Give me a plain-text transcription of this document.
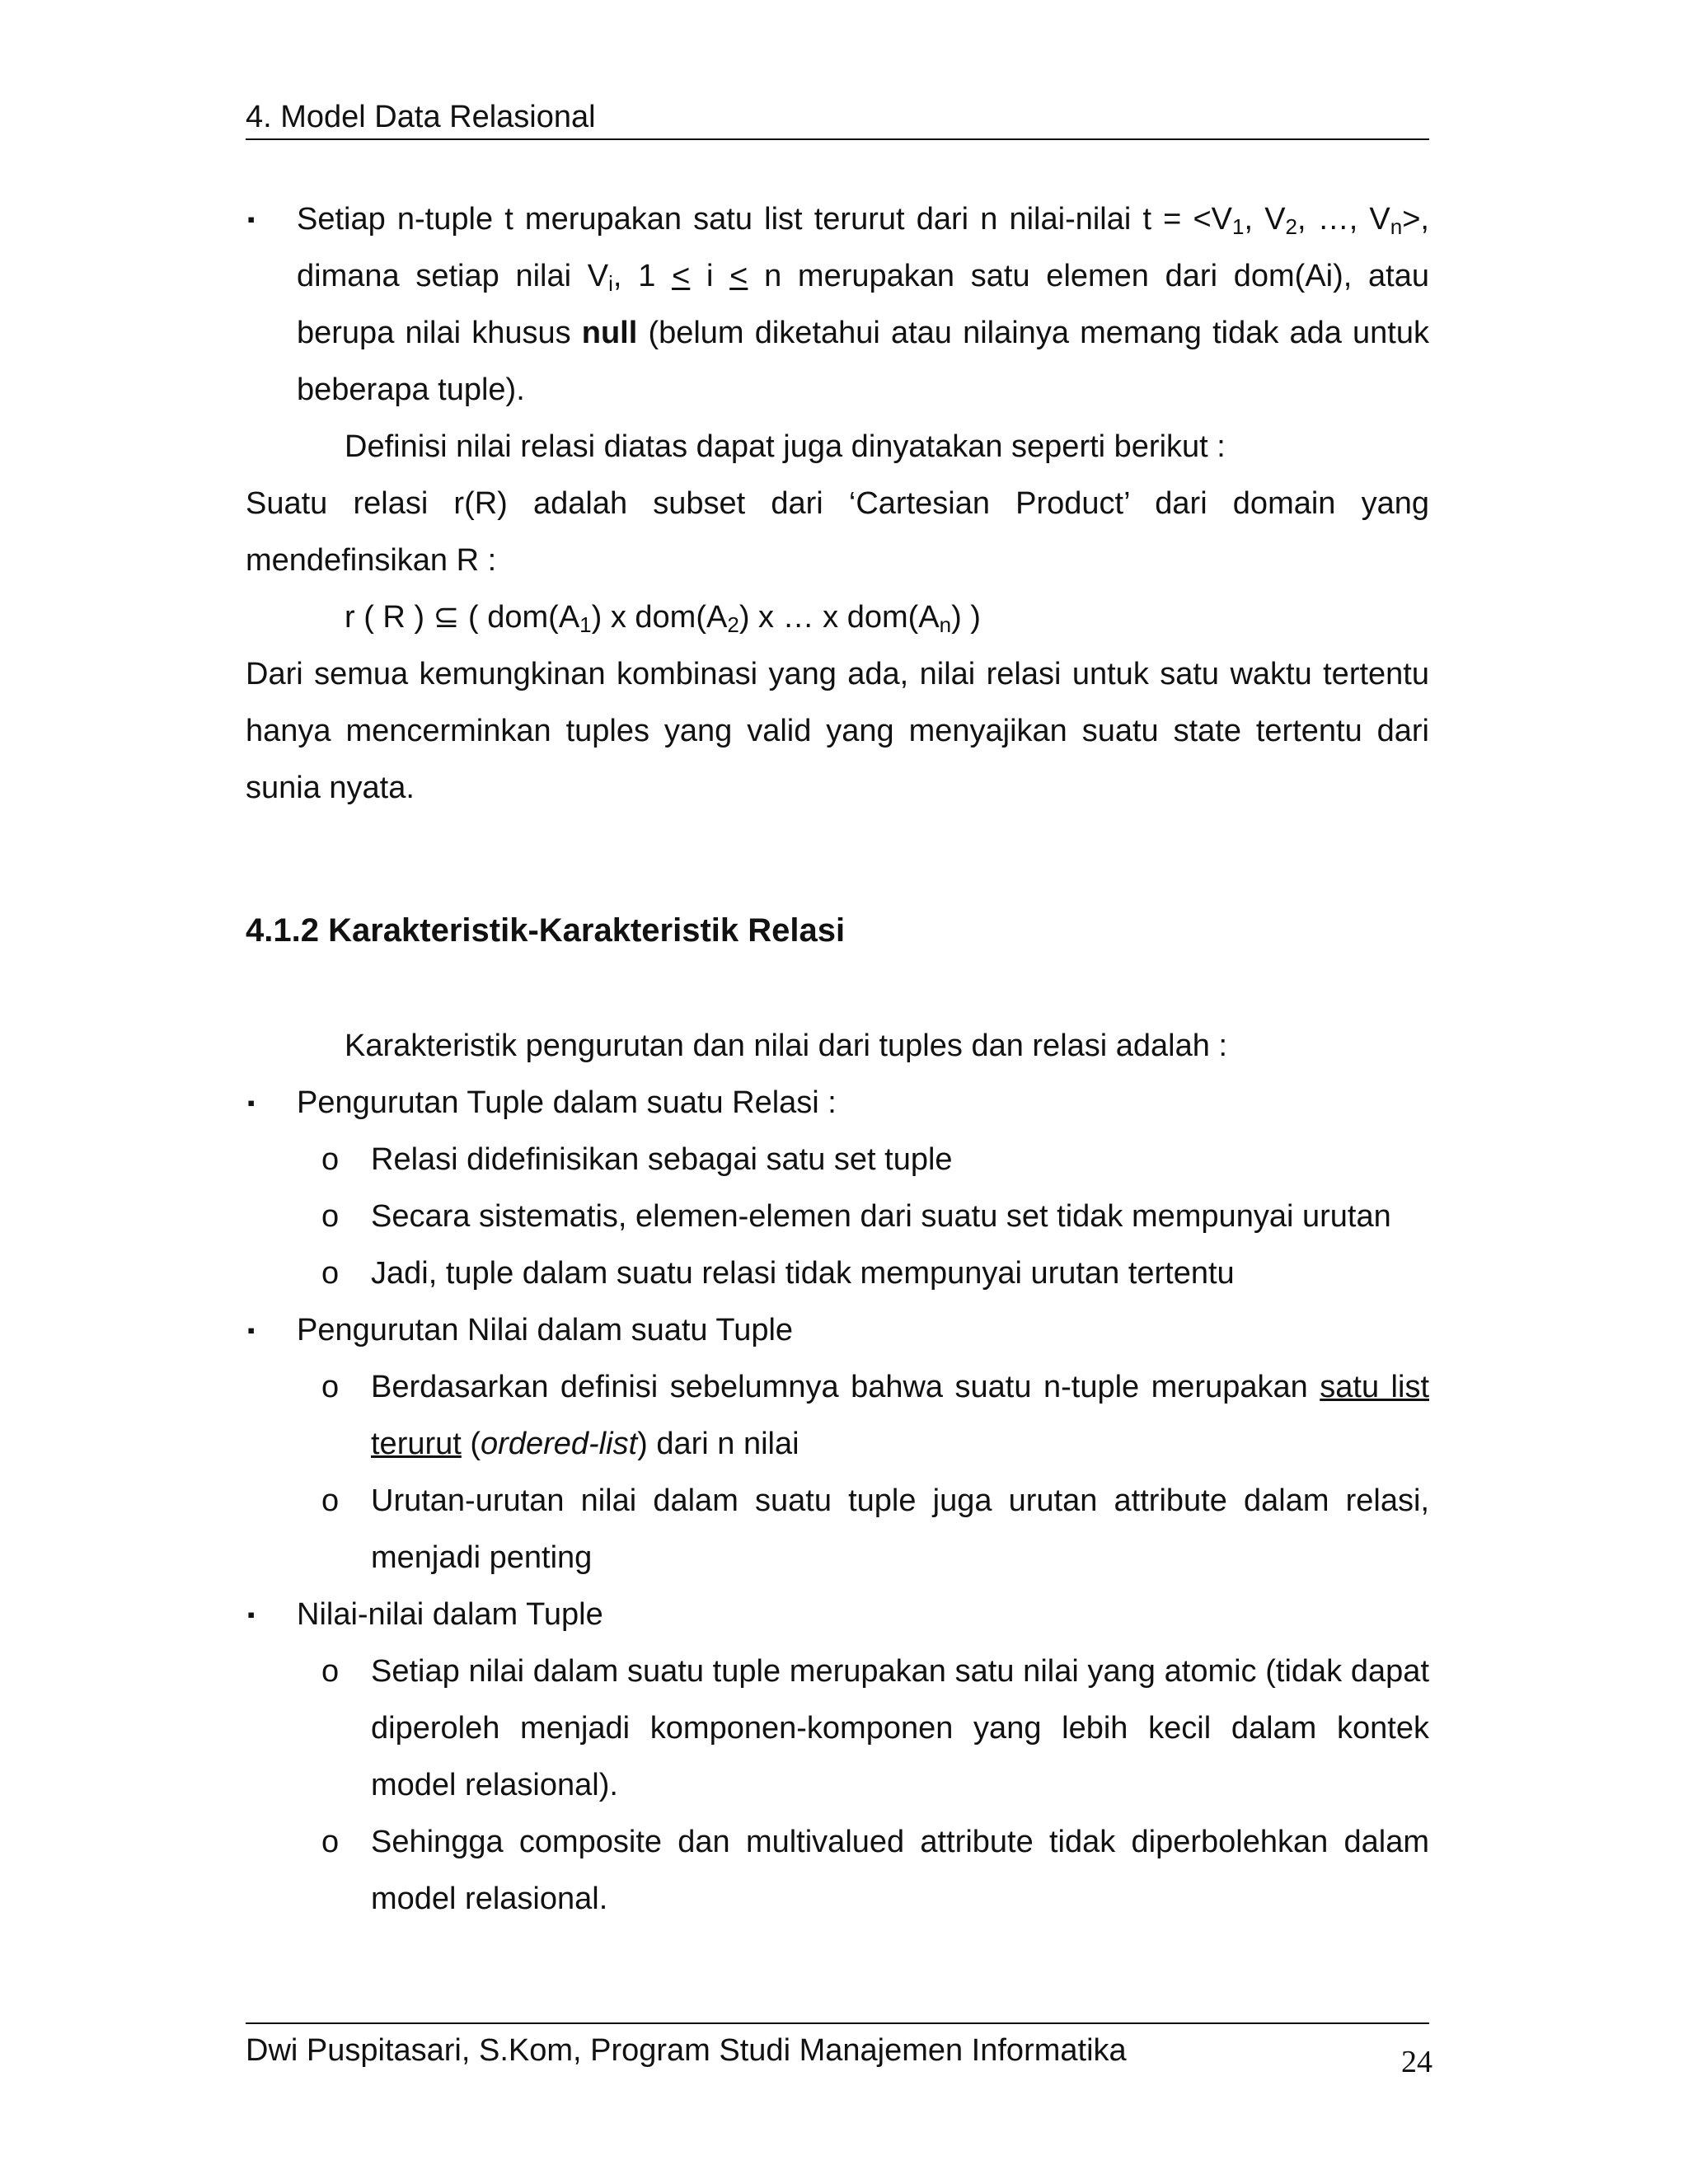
4. Model Data Relasional

▪ Setiap n-tuple t merupakan satu list terurut dari n nilai-nilai $t = <V_1$, $V_2$, …, $V_n>$, dimana setiap nilai $V_i$, 1 ≤ i ≤ n merupakan satu elemen dari dom(Ai), atau berupa nilai khusus null (belum diketahui atau nilainya memang tidak ada untuk beberapa tuple).

Definisi nilai relasi diatas dapat juga dinyatakan seperti berikut :

Suatu relasi r(R) adalah subset dari ‘Cartesian Product’ dari domain yang mendefinsikan R :

r ( R ) ⊆ ( $dom(A_1)$ x $dom(A_2)$ x … x $dom(A_n)$ )

Dari semua kemungkinan kombinasi yang ada, nilai relasi untuk satu waktu tertentu hanya mencerminkan tuples yang valid yang menyajikan suatu state tertentu dari sunia nyata.

4.1.2 Karakteristik-Karakteristik Relasi

Karakteristik pengurutan dan nilai dari tuples dan relasi adalah :

▪ Pengurutan Tuple dalam suatu Relasi :

o Relasi didefinisikan sebagai satu set tuple

o Secara sistematis, elemen-elemen dari suatu set tidak mempunyai urutan

o Jadi, tuple dalam suatu relasi tidak mempunyai urutan tertentu

▪ Pengurutan Nilai dalam suatu Tuple

o Berdasarkan definisi sebelumnya bahwa suatu n-tuple merupakan satu list terurut (ordered-list) dari n nilai

o Urutan-urutan nilai dalam suatu tuple juga urutan attribute dalam relasi, menjadi penting

▪ Nilai-nilai dalam Tuple

o Setiap nilai dalam suatu tuple merupakan satu nilai yang atomic (tidak dapat diperoleh menjadi komponen-komponen yang lebih kecil dalam kontek model relasional).

o Sehingga composite dan multivalued attribute tidak diperbolehkan dalam model relasional.

Dwi Puspitasari, S.Kom, Program Studi Manajemen Informatika	24
